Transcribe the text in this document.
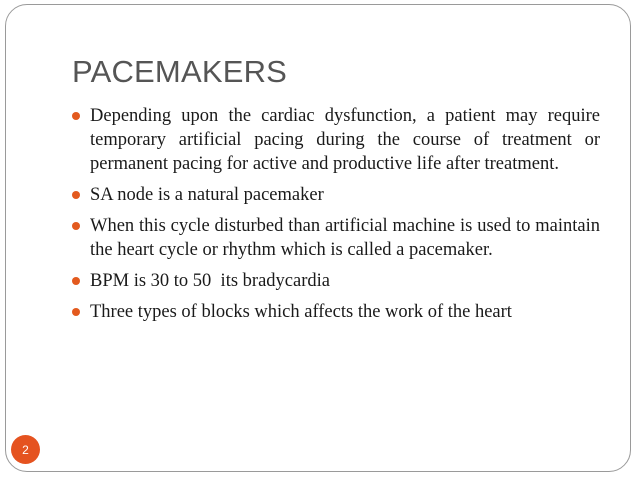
PACEMAKERS
Depending upon the cardiac dysfunction, a patient may require temporary artificial pacing during the course of treatment or permanent pacing for active and productive life after treatment.
SA node is a natural pacemaker
When this cycle disturbed than artificial machine is used to maintain the heart cycle or rhythm which is called a pacemaker.
BPM is 30 to 50  its bradycardia
Three types of blocks which affects the work of the heart
2
